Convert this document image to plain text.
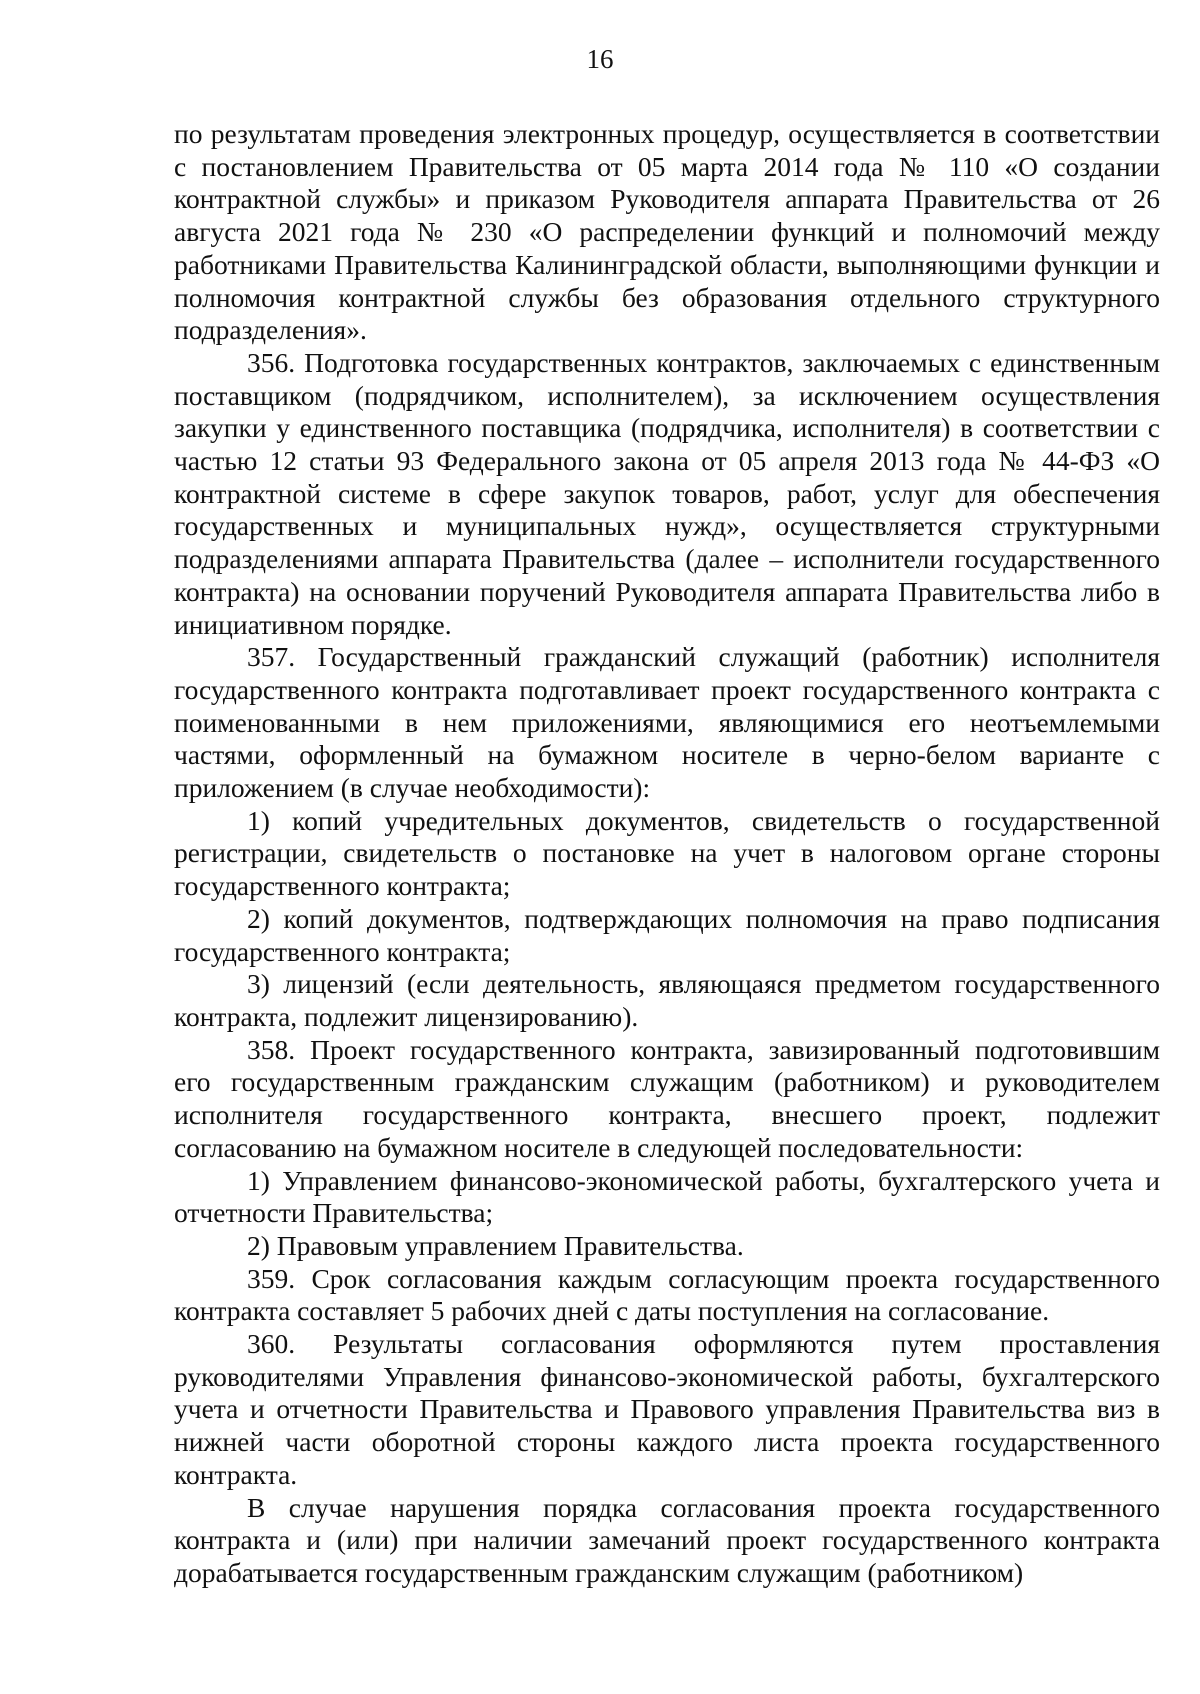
16

по результатам проведения электронных процедур, осуществляется в соответствии с постановлением Правительства от 05 марта 2014 года № 110 «О создании контрактной службы» и приказом Руководителя аппарата Правительства от 26 августа 2021 года № 230 «О распределении функций и полномочий между работниками Правительства Калининградской области, выполняющими функции и полномочия контрактной службы без образования отдельного структурного подразделения».

356. Подготовка государственных контрактов, заключаемых с единственным поставщиком (подрядчиком, исполнителем), за исключением осуществления закупки у единственного поставщика (подрядчика, исполнителя) в соответствии с частью 12 статьи 93 Федерального закона от 05 апреля 2013 года № 44-ФЗ «О контрактной системе в сфере закупок товаров, работ, услуг для обеспечения государственных и муниципальных нужд», осуществляется структурными подразделениями аппарата Правительства (далее – исполнители государственного контракта) на основании поручений Руководителя аппарата Правительства либо в инициативном порядке.

357. Государственный гражданский служащий (работник) исполнителя государственного контракта подготавливает проект государственного контракта с поименованными в нем приложениями, являющимися его неотъемлемыми частями, оформленный на бумажном носителе в черно-белом варианте с приложением (в случае необходимости):

1) копий учредительных документов, свидетельств о государственной регистрации, свидетельств о постановке на учет в налоговом органе стороны государственного контракта;

2) копий документов, подтверждающих полномочия на право подписания государственного контракта;

3) лицензий (если деятельность, являющаяся предметом государственного контракта, подлежит лицензированию).

358. Проект государственного контракта, завизированный подготовившим его государственным гражданским служащим (работником) и руководителем исполнителя государственного контракта, внесшего проект, подлежит согласованию на бумажном носителе в следующей последовательности:

1) Управлением финансово-экономической работы, бухгалтерского учета и отчетности Правительства;

2) Правовым управлением Правительства.

359. Срок согласования каждым согласующим проекта государственного контракта составляет 5 рабочих дней с даты поступления на согласование.

360. Результаты согласования оформляются путем проставления руководителями Управления финансово-экономической работы, бухгалтерского учета и отчетности Правительства и Правового управления Правительства виз в нижней части оборотной стороны каждого листа проекта государственного контракта.

В случае нарушения порядка согласования проекта государственного контракта и (или) при наличии замечаний проект государственного контракта дорабатывается государственным гражданским служащим (работником)
